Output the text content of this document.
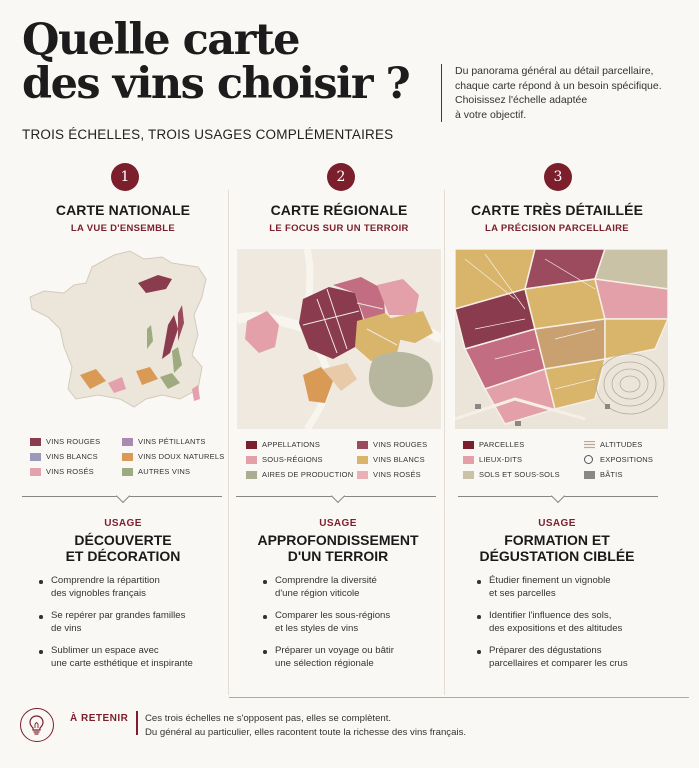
Quelle carte
des vins choisir ?	Du panorama général au détail parcellaire,
chaque carte répond à un besoin spécifique.
Choisissez l'échelle adaptée
à votre objectif.
TROIS ÉCHELLES, TROIS USAGES COMPLÉMENTAIRES
1
CARTE NATIONALE
LA VUE D'ENSEMBLE
VINS ROUGES	VINS PÉTILLANTS
VINS BLANCS	VINS DOUX NATURELS
VINS ROSÉS	AUTRES VINS
USAGE
DÉCOUVERTE
ET DÉCORATION
Comprendre la répartition
des vignobles français
Se repérer par grandes familles
de vins
Sublimer un espace avec
une carte esthétique et inspirante
2
CARTE RÉGIONALE
LE FOCUS SUR UN TERROIR
APPELLATIONS	VINS ROUGES
SOUS-RÉGIONS	VINS BLANCS
AIRES DE PRODUCTION	VINS ROSÉS
USAGE
APPROFONDISSEMENT
D'UN TERROIR
Comprendre la diversité
d'une région viticole
Comparer les sous-régions
et les styles de vins
Préparer un voyage ou bâtir
une sélection régionale
3
CARTE TRÈS DÉTAILLÉE
LA PRÉCISION PARCELLAIRE
PARCELLES	ALTITUDES
LIEUX-DITS	EXPOSITIONS
SOLS ET SOUS-SOLS	BÂTIS
USAGE
FORMATION ET
DÉGUSTATION CIBLÉE
Étudier finement un vignoble
et ses parcelles
Identifier l'influence des sols,
des expositions et des altitudes
Préparer des dégustations
parcellaires et comparer les crus
À RETENIR Ces trois échelles ne s'opposent pas, elles se complètent.
Du général au particulier, elles racontent toute la richesse des vins français.
